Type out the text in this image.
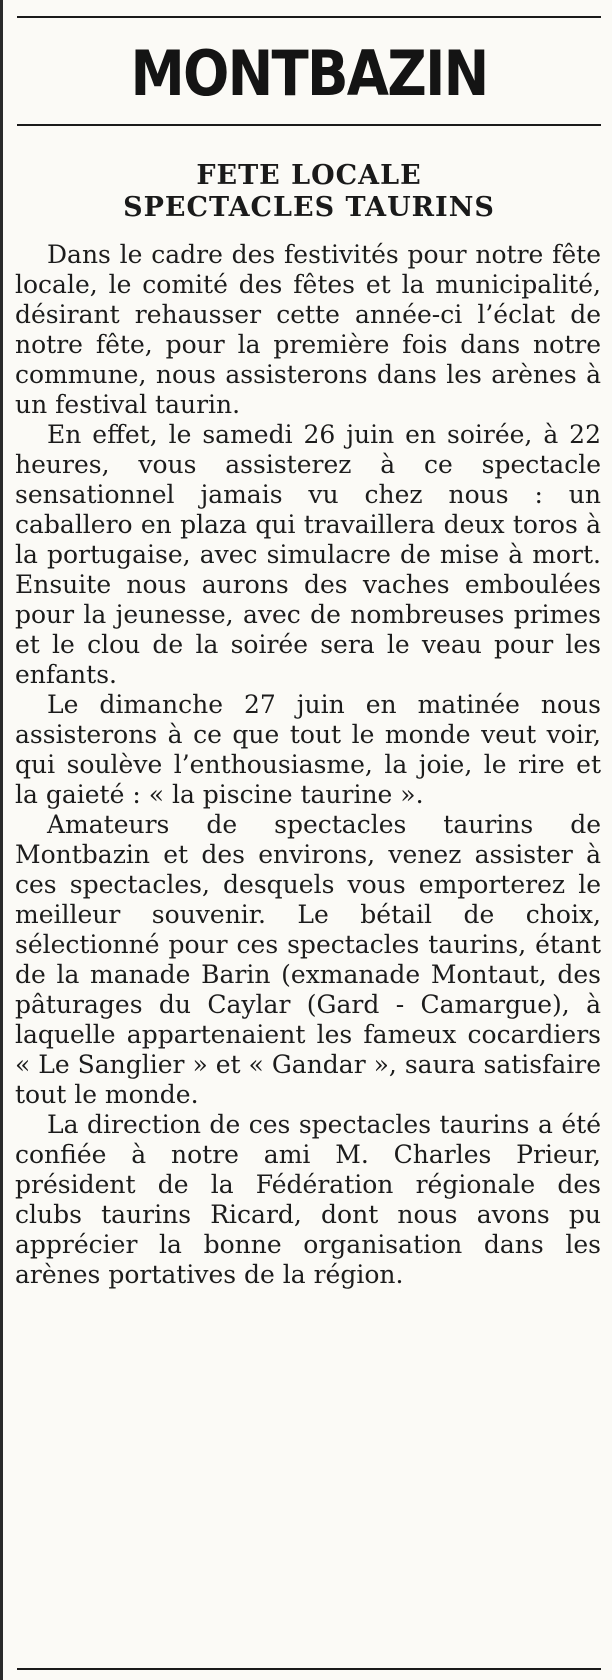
MONTBAZIN
FETE LOCALE
SPECTACLES TAURINS

Dans le cadre des festivités pour notre fête locale, le comité des fêtes et la municipalité, désirant rehausser cette année-ci l’éclat de notre fête, pour la première fois dans notre commune, nous assisterons dans les arènes à un festival taurin.

En effet, le samedi 26 juin en soirée, à 22 heures, vous assisterez à ce spectacle sensationnel jamais vu chez nous : un caballero en plaza qui travaillera deux toros à la portugaise, avec simulacre de mise à mort. Ensuite nous aurons des vaches emboulées pour la jeunesse, avec de nombreuses primes et le clou de la soirée sera le veau pour les enfants.

Le dimanche 27 juin en matinée nous assisterons à ce que tout le monde veut voir, qui soulève l’enthousiasme, la joie, le rire et la gaieté : « la piscine taurine ».

Amateurs de spectacles taurins de Montbazin et des environs, venez assister à ces spectacles, desquels vous emporterez le meilleur souvenir. Le bétail de choix, sélectionné pour ces spectacles taurins, étant de la manade Barin (exmanade Montaut, des pâturages du Caylar (Gard - Camargue), à laquelle appartenaient les fameux cocardiers « Le Sanglier » et « Gandar », saura satisfaire tout le monde.

La direction de ces spectacles taurins a été confiée à notre ami M. Charles Prieur, président de la Fédération régionale des clubs taurins Ricard, dont nous avons pu apprécier la bonne organisation dans les arènes portatives de la région.
